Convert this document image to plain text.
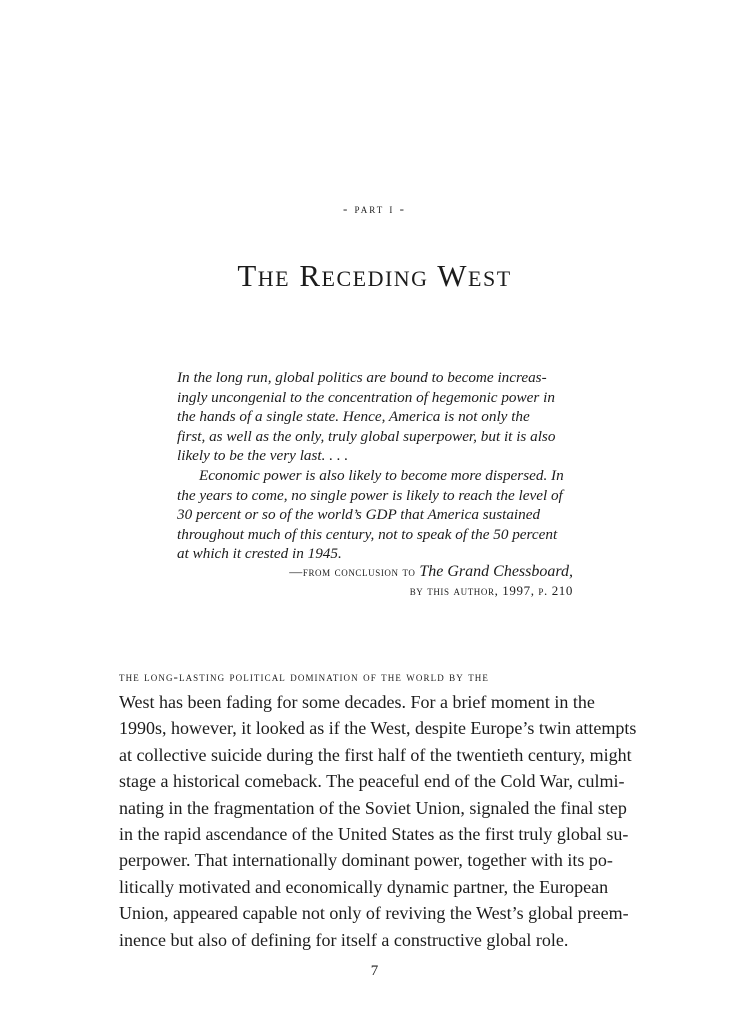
- part i -
The Receding West
In the long run, global politics are bound to become increas-
ingly uncongenial to the concentration of hegemonic power in
the hands of a single state. Hence, America is not only the
first, as well as the only, truly global superpower, but it is also
likely to be the very last. . . .
Economic power is also likely to become more dispersed. In
the years to come, no single power is likely to reach the level of
30 percent or so of the world’s GDP that America sustained
throughout much of this century, not to speak of the 50 percent
at which it crested in 1945.
—from conclusion to The Grand Chessboard,
by this author, 1997, p. 210
the long-lasting political domination of the world by the
West has been fading for some decades. For a brief moment in the
1990s, however, it looked as if the West, despite Europe’s twin attempts
at collective suicide during the first half of the twentieth century, might
stage a historical comeback. The peaceful end of the Cold War, culmi-
nating in the fragmentation of the Soviet Union, signaled the final step
in the rapid ascendance of the United States as the first truly global su-
perpower. That internationally dominant power, together with its po-
litically motivated and economically dynamic partner, the European
Union, appeared capable not only of reviving the West’s global preem-
inence but also of defining for itself a constructive global role.
7
